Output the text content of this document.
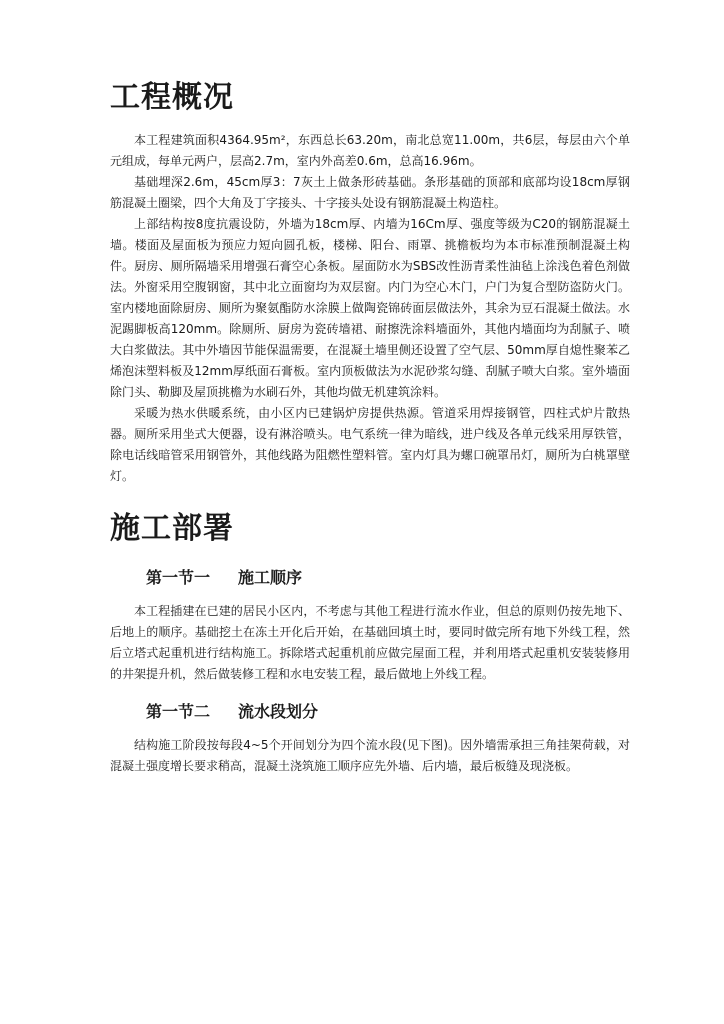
工程概况

本工程建筑面积4364.95m²，东西总长63.20m，南北总宽11.00m，共6层，每层由六个单元组成，每单元两户，层高2.7m，室内外高差0.6m，总高16.96m。

基础埋深2.6m，45cm厚3：7灰土上做条形砖基础。条形基础的顶部和底部均设18cm厚钢筋混凝土圈梁，四个大角及丁字接头、十字接头处设有钢筋混凝土构造柱。

上部结构按8度抗震设防，外墙为18cm厚、内墙为16Cm厚、强度等级为C20的钢筋混凝土墙。楼面及屋面板为预应力短向圆孔板，楼梯、阳台、雨罩、挑檐板均为本市标准预制混凝土构件。厨房、厕所隔墙采用增强石膏空心条板。屋面防水为SBS改性沥青柔性油毡上涂浅色着色剂做法。外窗采用空腹钢窗，其中北立面窗均为双层窗。内门为空心木门，户门为复合型防盗防火门。室内楼地面除厨房、厕所为聚氨酯防水涂膜上做陶瓷锦砖面层做法外，其余为豆石混凝土做法。水泥踢脚板高120mm。除厕所、厨房为瓷砖墙裙、耐擦洗涂料墙面外，其他内墙面均为刮腻子、喷大白浆做法。其中外墙因节能保温需要，在混凝土墙里侧还设置了空气层、50mm厚自熄性聚苯乙烯泡沫塑料板及12mm厚纸面石膏板。室内顶板做法为水泥砂浆勾缝、刮腻子喷大白浆。室外墙面除门头、勒脚及屋顶挑檐为水刷石外，其他均做无机建筑涂料。

采暖为热水供暖系统，由小区内已建锅炉房提供热源。管道采用焊接钢管，四柱式炉片散热器。厕所采用坐式大便器，设有淋浴喷头。电气系统一律为暗线，进户线及各单元线采用厚铁管，除电话线暗管采用钢管外，其他线路为阻燃性塑料管。室内灯具为螺口碗罩吊灯，厕所为白桃罩壁灯。

施工部署
第一节一 施工顺序

本工程插建在已建的居民小区内，不考虑与其他工程进行流水作业，但总的原则仍按先地下、后地上的顺序。基础挖土在冻土开化后开始，在基础回填土时，要同时做完所有地下外线工程，然后立塔式起重机进行结构施工。拆除塔式起重机前应做完屋面工程，并利用塔式起重机安装装修用的井架提升机，然后做装修工程和水电安装工程，最后做地上外线工程。

第一节二 流水段划分

结构施工阶段按每段4~5个开间划分为四个流水段(见下图)。因外墙需承担三角挂架荷载，对混凝土强度增长要求稍高，混凝土浇筑施工顺序应先外墙、后内墙，最后板缝及现浇板。
